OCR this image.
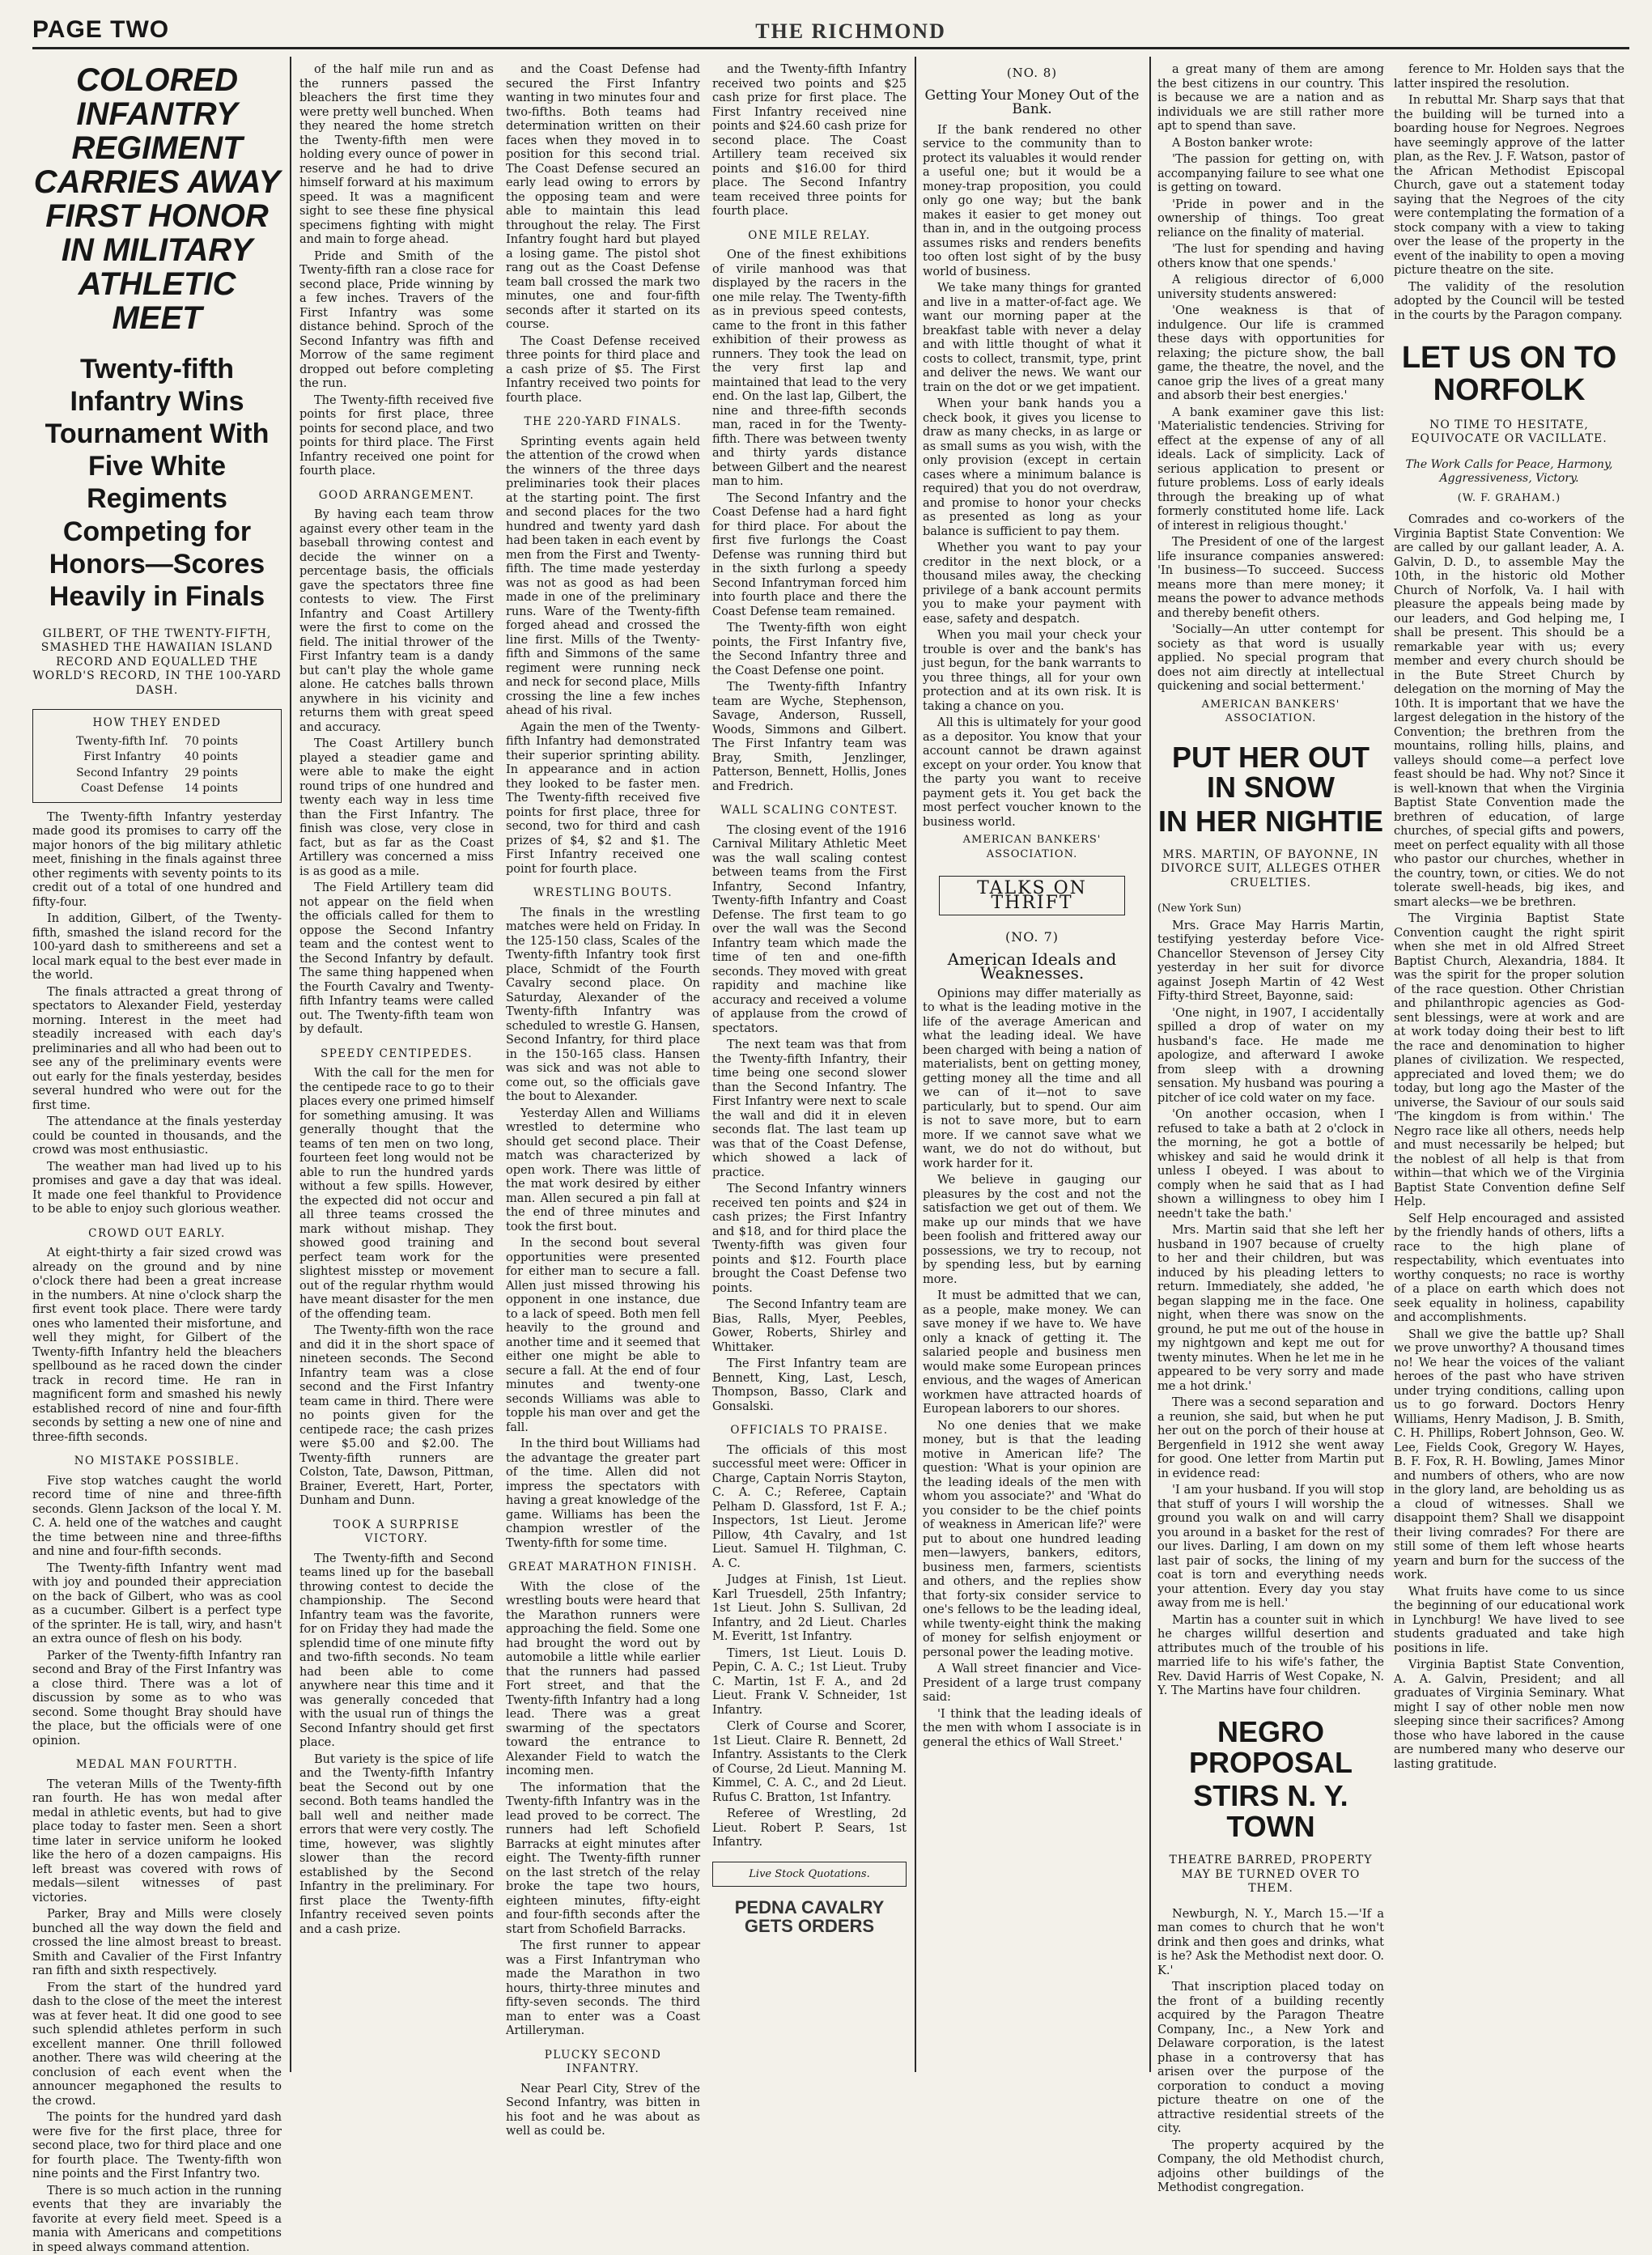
PAGE TWO	THE RICHMOND
COLORED INFANTRY REGIMENT
CARRIES AWAY FIRST HONOR
IN MILITARY ATHLETIC MEET
Twenty-fifth Infantry Wins Tournament With Five White Regiments Competing for Honors—Scores Heavily in Finals
GILBERT, OF THE TWENTY-FIFTH, SMASHED THE HAWAIIAN ISLAND RECORD AND EQUALLED THE WORLD'S RECORD, IN THE 100-YARD DASH.
HOW THEY ENDED
Twenty-fifth Inf.	70 points
First Infantry	40 points
Second Infantry	29 points
Coast Defense	14 points

The Twenty-fifth Infantry yesterday made good its promises to carry off the major honors of the big military athletic meet, finishing in the finals against three other regiments with seventy points to its credit out of a total of one hundred and fifty-four.

In addition, Gilbert, of the Twenty-fifth, smashed the island record for the 100-yard dash to smithereens and set a local mark equal to the best ever made in the world.

The finals attracted a great throng of spectators to Alexander Field, yesterday morning. Interest in the meet had steadily increased with each day's preliminaries and all who had been out to see any of the preliminary events were out early for the finals yesterday, besides several hundred who were out for the first time.

The attendance at the finals yesterday could be counted in thousands, and the crowd was most enthusiastic.

The weather man had lived up to his promises and gave a day that was ideal. It made one feel thankful to Providence to be able to enjoy such glorious weather.

CROWD OUT EARLY.

At eight-thirty a fair sized crowd was already on the ground and by nine o'clock there had been a great increase in the numbers. At nine o'clock sharp the first event took place. There were tardy ones who lamented their misfortune, and well they might, for Gilbert of the Twenty-fifth Infantry held the bleachers spellbound as he raced down the cinder track in record time. He ran in magnificent form and smashed his newly established record of nine and four-fifth seconds by setting a new one of nine and three-fifth seconds.

NO MISTAKE POSSIBLE.

Five stop watches caught the world record time of nine and three-fifth seconds. Glenn Jackson of the local Y. M. C. A. held one of the watches and caught the time between nine and three-fifths and nine and four-fifth seconds.

The Twenty-fifth Infantry went mad with joy and pounded their appreciation on the back of Gilbert, who was as cool as a cucumber. Gilbert is a perfect type of the sprinter. He is tall, wiry, and hasn't an extra ounce of flesh on his body.

Parker of the Twenty-fifth Infantry ran second and Bray of the First Infantry was a close third. There was a lot of discussion by some as to who was second. Some thought Bray should have the place, but the officials were of one opinion.

MEDAL MAN FOURTTH.

The veteran Mills of the Twenty-fifth ran fourth. He has won medal after medal in athletic events, but had to give place today to faster men. Seen a short time later in service uniform he looked like the hero of a dozen campaigns. His left breast was covered with rows of medals—silent witnesses of past victories.

Parker, Bray and Mills were closely bunched all the way down the field and crossed the line almost breast to breast. Smith and Cavalier of the First Infantry ran fifth and sixth respectively.

From the start of the hundred yard dash to the close of the meet the interest was at fever heat. It did one good to see such splendid athletes perform in such excellent manner. One thrill followed another. There was wild cheering at the conclusion of each event when the announcer megaphoned the results to the crowd.

The points for the hundred yard dash were five for the first place, three for second place, two for third place and one for fourth place. The Twenty-fifth won nine points and the First Infantry two.

There is so much action in the running events that they are invariably the favorite at every field meet. Speed is a mania with Americans and competitions in speed always command attention.

of the half mile run and as the runners passed the bleachers the first time they were pretty well bunched. When they neared the home stretch the Twenty-fifth men were holding every ounce of power in reserve and he had to drive himself forward at his maximum speed. It was a magnificent sight to see these fine physical specimens fighting with might and main to forge ahead.

Pride and Smith of the Twenty-fifth ran a close race for second place, Pride winning by a few inches. Travers of the First Infantry was some distance behind. Sproch of the Second Infantry was fifth and Morrow of the same regiment dropped out before completing the run.

The Twenty-fifth received five points for first place, three points for second place, and two points for third place. The First Infantry received one point for fourth place.

GOOD ARRANGEMENT.

By having each team throw against every other team in the baseball throwing contest and decide the winner on a percentage basis, the officials gave the spectators three fine contests to view. The First Infantry and Coast Artillery were the first to come on the field. The initial thrower of the First Infantry team is a dandy but can't play the whole game alone. He catches balls thrown anywhere in his vicinity and returns them with great speed and accuracy.

The Coast Artillery bunch played a steadier game and were able to make the eight round trips of one hundred and twenty each way in less time than the First Infantry. The finish was close, very close in fact, but as far as the Coast Artillery was concerned a miss is as good as a mile.

The Field Artillery team did not appear on the field when the officials called for them to oppose the Second Infantry team and the contest went to the Second Infantry by default. The same thing happened when the Fourth Cavalry and Twenty-fifth Infantry teams were called out. The Twenty-fifth team won by default.

SPEEDY CENTIPEDES.

With the call for the men for the centipede race to go to their places every one primed himself for something amusing. It was generally thought that the teams of ten men on two long, fourteen feet long would not be able to run the hundred yards without a few spills. However, the expected did not occur and all three teams crossed the mark without mishap. They showed good training and perfect team work for the slightest misstep or movement out of the regular rhythm would have meant disaster for the men of the offending team.

The Twenty-fifth won the race and did it in the short space of nineteen seconds. The Second Infantry team was a close second and the First Infantry team came in third. There were no points given for the centipede race; the cash prizes were $5.00 and $2.00. The Twenty-fifth runners are Colston, Tate, Dawson, Pittman, Brainer, Everett, Hart, Porter, Dunham and Dunn.

TOOK A SURPRISE VICTORY.

The Twenty-fifth and Second teams lined up for the baseball throwing contest to decide the championship. The Second Infantry team was the favorite, for on Friday they had made the splendid time of one minute fifty and two-fifth seconds. No team had been able to come anywhere near this time and it was generally conceded that with the usual run of things the Second Infantry should get first place.

But variety is the spice of life and the Twenty-fifth Infantry beat the Second out by one second. Both teams handled the ball well and neither made errors that were very costly. The time, however, was slightly slower than the record established by the Second Infantry in the preliminary. For first place the Twenty-fifth Infantry received seven points and a cash prize.

and the Coast Defense had secured the First Infantry wanting in two minutes four and two-fifths. Both teams had determination written on their faces when they moved in to position for this second trial. The Coast Defense secured an early lead owing to errors by the opposing team and were able to maintain this lead throughout the relay. The First Infantry fought hard but played a losing game. The pistol shot rang out as the Coast Defense team ball crossed the mark two minutes, one and four-fifth seconds after it started on its course.

The Coast Defense received three points for third place and a cash prize of $5. The First Infantry received two points for fourth place.

THE 220-YARD FINALS.

Sprinting events again held the attention of the crowd when the winners of the three days preliminaries took their places at the starting point. The first and second places for the two hundred and twenty yard dash had been taken in each event by men from the First and Twenty-fifth. The time made yesterday was not as good as had been made in one of the preliminary runs. Ware of the Twenty-fifth forged ahead and crossed the line first. Mills of the Twenty-fifth and Simmons of the same regiment were running neck and neck for second place, Mills crossing the line a few inches ahead of his rival.

Again the men of the Twenty-fifth Infantry had demonstrated their superior sprinting ability. In appearance and in action they looked to be faster men. The Twenty-fifth received five points for first place, three for second, two for third and cash prizes of $4, $2 and $1. The First Infantry received one point for fourth place.

WRESTLING BOUTS.

The finals in the wrestling matches were held on Friday. In the 125-150 class, Scales of the Twenty-fifth Infantry took first place, Schmidt of the Fourth Cavalry second place. On Saturday, Alexander of the Twenty-fifth Infantry was scheduled to wrestle G. Hansen, Second Infantry, for third place in the 150-165 class. Hansen was sick and was not able to come out, so the officials gave the bout to Alexander.

Yesterday Allen and Williams wrestled to determine who should get second place. Their match was characterized by open work. There was little of the mat work desired by either man. Allen secured a pin fall at the end of three minutes and took the first bout.

In the second bout several opportunities were presented for either man to secure a fall. Allen just missed throwing his opponent in one instance, due to a lack of speed. Both men fell heavily to the ground and another time and it seemed that either one might be able to secure a fall. At the end of four minutes and twenty-one seconds Williams was able to topple his man over and get the fall.

In the third bout Williams had the advantage the greater part of the time. Allen did not impress the spectators with having a great knowledge of the game. Williams has been the champion wrestler of the Twenty-fifth for some time.

GREAT MARATHON FINISH.

With the close of the wrestling bouts were heard that the Marathon runners were approaching the field. Some one had brought the word out by automobile a little while earlier that the runners had passed Fort street, and that the Twenty-fifth Infantry had a long lead. There was a great swarming of the spectators toward the entrance to Alexander Field to watch the incoming men.

The information that the Twenty-fifth Infantry was in the lead proved to be correct. The runners had left Schofield Barracks at eight minutes after eight. The Twenty-fifth runner on the last stretch of the relay broke the tape two hours, eighteen minutes, fifty-eight and four-fifth seconds after the start from Schofield Barracks.

The first runner to appear was a First Infantryman who made the Marathon in two hours, thirty-three minutes and fifty-seven seconds. The third man to enter was a Coast Artilleryman.

PLUCKY SECOND INFANTRY.

Near Pearl City, Strev of the Second Infantry, was bitten in his foot and he was about as well as could be.

and the Twenty-fifth Infantry received two points and $25 cash prize for first place. The First Infantry received nine points and $24.60 cash prize for second place. The Coast Artillery team received six points and $16.00 for third place. The Second Infantry team received three points for fourth place.

ONE MILE RELAY.

One of the finest exhibitions of virile manhood was that displayed by the racers in the one mile relay. The Twenty-fifth as in previous speed contests, came to the front in this father exhibition of their prowess as runners. They took the lead on the very first lap and maintained that lead to the very end. On the last lap, Gilbert, the nine and three-fifth seconds man, raced in for the Twenty-fifth. There was between twenty and thirty yards distance between Gilbert and the nearest man to him.

The Second Infantry and the Coast Defense had a hard fight for third place. For about the first five furlongs the Coast Defense was running third but in the sixth furlong a speedy Second Infantryman forced him into fourth place and there the Coast Defense team remained.

The Twenty-fifth won eight points, the First Infantry five, the Second Infantry three and the Coast Defense one point.

The Twenty-fifth Infantry team are Wyche, Stephenson, Savage, Anderson, Russell, Woods, Simmons and Gilbert. The First Infantry team was Bray, Smith, Jenzlinger, Patterson, Bennett, Hollis, Jones and Fredrich.

WALL SCALING CONTEST.

The closing event of the 1916 Carnival Military Athletic Meet was the wall scaling contest between teams from the First Infantry, Second Infantry, Twenty-fifth Infantry and Coast Defense. The first team to go over the wall was the Second Infantry team which made the time of ten and one-fifth seconds. They moved with great rapidity and machine like accuracy and received a volume of applause from the crowd of spectators.

The next team was that from the Twenty-fifth Infantry, their time being one second slower than the Second Infantry. The First Infantry were next to scale the wall and did it in eleven seconds flat. The last team up was that of the Coast Defense, which showed a lack of practice.

The Second Infantry winners received ten points and $24 in cash prizes; the First Infantry and $18, and for third place the Twenty-fifth was given four points and $12. Fourth place brought the Coast Defense two points.

The Second Infantry team are Bias, Ralls, Myer, Peebles, Gower, Roberts, Shirley and Whittaker.

The First Infantry team are Bennett, King, Last, Lesch, Thompson, Basso, Clark and Gonsalski.

OFFICIALS TO PRAISE.

The officials of this most successful meet were: Officer in Charge, Captain Norris Stayton, C. A. C.; Referee, Captain Pelham D. Glassford, 1st F. A.; Inspectors, 1st Lieut. Jerome Pillow, 4th Cavalry, and 1st Lieut. Samuel H. Tilghman, C. A. C.

Judges at Finish, 1st Lieut. Karl Truesdell, 25th Infantry; 1st Lieut. John S. Sullivan, 2d Infantry, and 2d Lieut. Charles M. Everitt, 1st Infantry.

Timers, 1st Lieut. Louis D. Pepin, C. A. C.; 1st Lieut. Truby C. Martin, 1st F. A., and 2d Lieut. Frank V. Schneider, 1st Infantry.

Clerk of Course and Scorer, 1st Lieut. Claire R. Bennett, 2d Infantry. Assistants to the Clerk of Course, 2d Lieut. Manning M. Kimmel, C. A. C., and 2d Lieut. Rufus C. Bratton, 1st Infantry.

Referee of Wrestling, 2d Lieut. Robert P. Sears, 1st Infantry.

Live Stock Quotations.
PEDNA CAVALRY GETS ORDERS
(NO. 8)
Getting Your Money Out of the Bank.

If the bank rendered no other service to the community than to protect its valuables it would render a useful one; but it would be a money-trap proposition, you could only go one way; but the bank makes it easier to get money out than in, and in the outgoing process assumes risks and renders benefits too often lost sight of by the busy world of business.

We take many things for granted and live in a matter-of-fact age. We want our morning paper at the breakfast table with never a delay and with little thought of what it costs to collect, transmit, type, print and deliver the news. We want our train on the dot or we get impatient.

When your bank hands you a check book, it gives you license to draw as many checks, in as large or as small sums as you wish, with the only provision (except in certain cases where a minimum balance is required) that you do not overdraw, and promise to honor your checks as presented as long as your balance is sufficient to pay them.

Whether you want to pay your creditor in the next block, or a thousand miles away, the checking privilege of a bank account permits you to make your payment with ease, safety and despatch.

When you mail your check your trouble is over and the bank's has just begun, for the bank warrants to you three things, all for your own protection and at its own risk. It is taking a chance on you.

All this is ultimately for your good as a depositor. You know that your account cannot be drawn against except on your order. You know that the party you want to receive payment gets it. You get back the most perfect voucher known to the business world.

AMERICAN BANKERS' ASSOCIATION.
TALKS ON THRIFT
(NO. 7)
American Ideals and Weaknesses.

Opinions may differ materially as to what is the leading motive in the life of the average American and what the leading ideal. We have been charged with being a nation of materialists, bent on getting money, getting money all the time and all we can of it—not to save particularly, but to spend. Our aim is not to save more, but to earn more. If we cannot save what we want, we do not do without, but work harder for it.

We believe in gauging our pleasures by the cost and not the satisfaction we get out of them. We make up our minds that we have been foolish and frittered away our possessions, we try to recoup, not by spending less, but by earning more.

It must be admitted that we can, as a people, make money. We can save money if we have to. We have only a knack of getting it. The salaried people and business men would make some European princes envious, and the wages of American workmen have attracted hoards of European laborers to our shores.

No one denies that we make money, but is that the leading motive in American life? The question: 'What is your opinion are the leading ideals of the men with whom you associate?' and 'What do you consider to be the chief points of weakness in American life?' were put to about one hundred leading men—lawyers, bankers, editors, business men, farmers, scientists and others, and the replies show that forty-six consider service to one's fellows to be the leading ideal, while twenty-eight think the making of money for selfish enjoyment or personal power the leading motive.

A Wall street financier and Vice-President of a large trust company said:

'I think that the leading ideals of the men with whom I associate is in general the ethics of Wall Street.'

a great many of them are among the best citizens in our country. This is because we are a nation and as individuals we are still rather more apt to spend than save.

A Boston banker wrote:

'The passion for getting on, with accompanying failure to see what one is getting on toward.

'Pride in power and in the ownership of things. Too great reliance on the finality of material.

'The lust for spending and having others know that one spends.'

A religious director of 6,000 university students answered:

'One weakness is that of indulgence. Our life is crammed these days with opportunities for relaxing; the picture show, the ball game, the theatre, the novel, and the canoe grip the lives of a great many and absorb their best energies.'

A bank examiner gave this list: 'Materialistic tendencies. Striving for effect at the expense of any of all ideals. Lack of simplicity. Lack of serious application to present or future problems. Loss of early ideals through the breaking up of what formerly constituted home life. Lack of interest in religious thought.'

The President of one of the largest life insurance companies answered: 'In business—To succeed. Success means more than mere money; it means the power to advance methods and thereby benefit others.

'Socially—An utter contempt for society as that word is usually applied. No special program that does not aim directly at intellectual quickening and social betterment.'

AMERICAN BANKERS' ASSOCIATION.
PUT HER OUT IN SNOW
IN HER NIGHTIE
MRS. MARTIN, OF BAYONNE, IN DIVORCE SUIT, ALLEGES OTHER CRUELTIES.
(New York Sun)

Mrs. Grace May Harris Martin, testifying yesterday before Vice-Chancellor Stevenson of Jersey City yesterday in her suit for divorce against Joseph Martin of 42 West Fifty-third Street, Bayonne, said:

'One night, in 1907, I accidentally spilled a drop of water on my husband's face. He made me apologize, and afterward I awoke from sleep with a drowning sensation. My husband was pouring a pitcher of ice cold water on my face.

'On another occasion, when I refused to take a bath at 2 o'clock in the morning, he got a bottle of whiskey and said he would drink it unless I obeyed. I was about to comply when he said that as I had shown a willingness to obey him I needn't take the bath.'

Mrs. Martin said that she left her husband in 1907 because of cruelty to her and their children, but was induced by his pleading letters to return. Immediately, she added, 'he began slapping me in the face. One night, when there was snow on the ground, he put me out of the house in my nightgown and kept me out for twenty minutes. When he let me in he appeared to be very sorry and made me a hot drink.'

There was a second separation and a reunion, she said, but when he put her out on the porch of their house at Bergenfield in 1912 she went away for good. One letter from Martin put in evidence read:

'I am your husband. If you will stop that stuff of yours I will worship the ground you walk on and will carry you around in a basket for the rest of our lives. Darling, I am down on my last pair of socks, the lining of my coat is torn and everything needs your attention. Every day you stay away from me is hell.'

Martin has a counter suit in which he charges willful desertion and attributes much of the trouble of his married life to his wife's father, the Rev. David Harris of West Copake, N. Y. The Martins have four children.

NEGRO PROPOSAL
STIRS N. Y. TOWN
THEATRE BARRED, PROPERTY MAY BE TURNED OVER TO THEM.

Newburgh, N. Y., March 15.—'If a man comes to church that he won't drink and then goes and drinks, what is he? Ask the Methodist next door. O. K.'

That inscription placed today on the front of a building recently acquired by the Paragon Theatre Company, Inc., a New York and Delaware corporation, is the latest phase in a controversy that has arisen over the purpose of the corporation to conduct a moving picture theatre on one of the attractive residential streets of the city.

The property acquired by the Company, the old Methodist church, adjoins other buildings of the Methodist congregation.

ference to Mr. Holden says that the latter inspired the resolution.

In rebuttal Mr. Sharp says that that the building will be turned into a boarding house for Negroes. Negroes have seemingly approve of the latter plan, as the Rev. J. F. Watson, pastor of the African Methodist Episcopal Church, gave out a statement today saying that the Negroes of the city were contemplating the formation of a stock company with a view to taking over the lease of the property in the event of the inability to open a moving picture theatre on the site.

The validity of the resolution adopted by the Council will be tested in the courts by the Paragon company.

LET US ON TO NORFOLK
NO TIME TO HESITATE, EQUIVOCATE OR VACILLATE.
The Work Calls for Peace, Harmony, Aggressiveness, Victory.
(W. F. GRAHAM.)

Comrades and co-workers of the Virginia Baptist State Convention: We are called by our gallant leader, A. A. Galvin, D. D., to assemble May the 10th, in the historic old Mother Church of Norfolk, Va. I hail with pleasure the appeals being made by our leaders, and God helping me, I shall be present. This should be a remarkable year with us; every member and every church should be in the Bute Street Church by delegation on the morning of May the 10th. It is important that we have the largest delegation in the history of the Convention; the brethren from the mountains, rolling hills, plains, and valleys should come—a perfect love feast should be had. Why not? Since it is well-known that when the Virginia Baptist State Convention made the brethren of education, of large churches, of special gifts and powers, meet on perfect equality with all those who pastor our churches, whether in the country, town, or cities. We do not tolerate swell-heads, big ikes, and smart alecks—we be brethren.

The Virginia Baptist State Convention caught the right spirit when she met in old Alfred Street Baptist Church, Alexandria, 1884. It was the spirit for the proper solution of the race question. Other Christian and philanthropic agencies as God-sent blessings, were at work and are at work today doing their best to lift the race and denomination to higher planes of civilization. We respected, appreciated and loved them; we do today, but long ago the Master of the universe, the Saviour of our souls said 'The kingdom is from within.' The Negro race like all others, needs help and must necessarily be helped; but the noblest of all help is that from within—that which we of the Virginia Baptist State Convention define Self Help.

Self Help encouraged and assisted by the friendly hands of others, lifts a race to the high plane of respectability, which eventuates into worthy conquests; no race is worthy of a place on earth which does not seek equality in holiness, capability and accomplishments.

Shall we give the battle up? Shall we prove unworthy? A thousand times no! We hear the voices of the valiant heroes of the past who have striven under trying conditions, calling upon us to go forward. Doctors Henry Williams, Henry Madison, J. B. Smith, C. H. Phillips, Robert Johnson, Geo. W. Lee, Fields Cook, Gregory W. Hayes, B. F. Fox, R. H. Bowling, James Minor and numbers of others, who are now in the glory land, are beholding us as a cloud of witnesses. Shall we disappoint them? Shall we disappoint their living comrades? For there are still some of them left whose hearts yearn and burn for the success of the work.

What fruits have come to us since the beginning of our educational work in Lynchburg! We have lived to see students graduated and take high positions in life.

Virginia Baptist State Convention, A. A. Galvin, President; and all graduates of Virginia Seminary. What might I say of other noble men now sleeping since their sacrifices? Among those who have labored in the cause are numbered many who deserve our lasting gratitude.
